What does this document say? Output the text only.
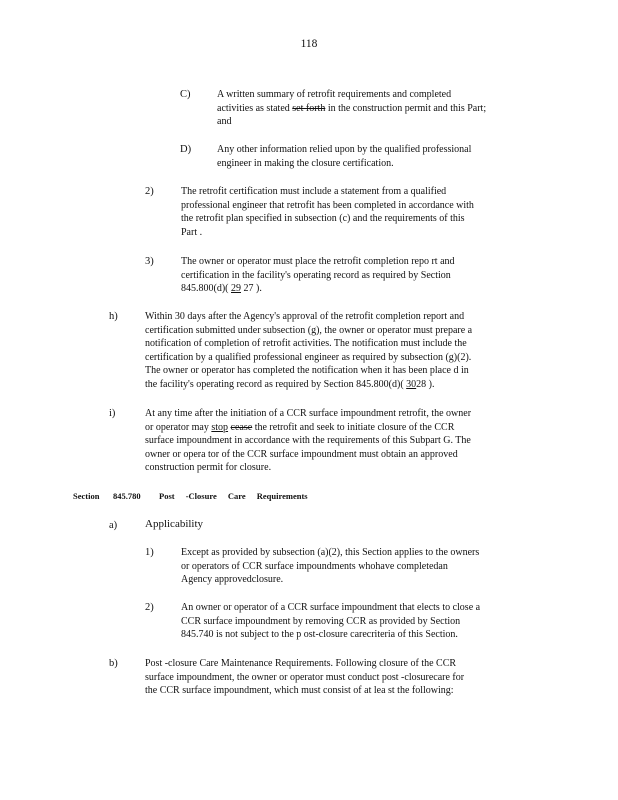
118
C)	A written summary of retrofit requirements and completed
activities as stated set forth in the construction permit and this Part;
and
D)	Any other information relied upon by the qualified professional
engineer in making the closure certification.
2)	The retrofit certification must include a statement from a qualified
professional engineer that retrofit has been completed in accordance with
the retrofit plan specified in subsection (c) and the requirements of this
Part .
3)	The owner or operator must place the retrofit completion repo rt and
certification in the facility's operating record as required by Section
845.800(d)( 29 27 ).
h)	Within 30 days after the Agency's approval of the retrofit completion report and
certification submitted under subsection (g), the owner or operator must prepare a
notification of completion of retrofit activities. The notification must include the
certification by a qualified professional engineer as required by subsection (g)(2).
The owner or operator has completed the notification when it has been place d in
the facility's operating record as required by Section 845.800(d)( 3028 ).
i)	At any time after the initiation of a CCR surface impoundment retrofit, the owner
or operator may stop cease the retrofit and seek to initiate closure of the CCR
surface impoundment in accordance with the requirements of this Subpart G. The
owner or opera tor of the CCR surface impoundment must obtain an approved
construction permit for closure.
Section 845.780 Post -Closure Care Requirements
a)	Applicability
1)	Except as provided by subsection (a)(2), this Section applies to the owners
or operators of CCR surface impoundments whohave completedan
Agency approvedclosure.
2)	An owner or operator of a CCR surface impoundment that elects to close a
CCR surface impoundment by removing CCR as provided by Section
845.740 is not subject to the p ost-closure carecriteria of this Section.
b)	Post -closure Care Maintenance Requirements. Following closure of the CCR
surface impoundment, the owner or operator must conduct post -closurecare for
the CCR surface impoundment, which must consist of at lea st the following:
